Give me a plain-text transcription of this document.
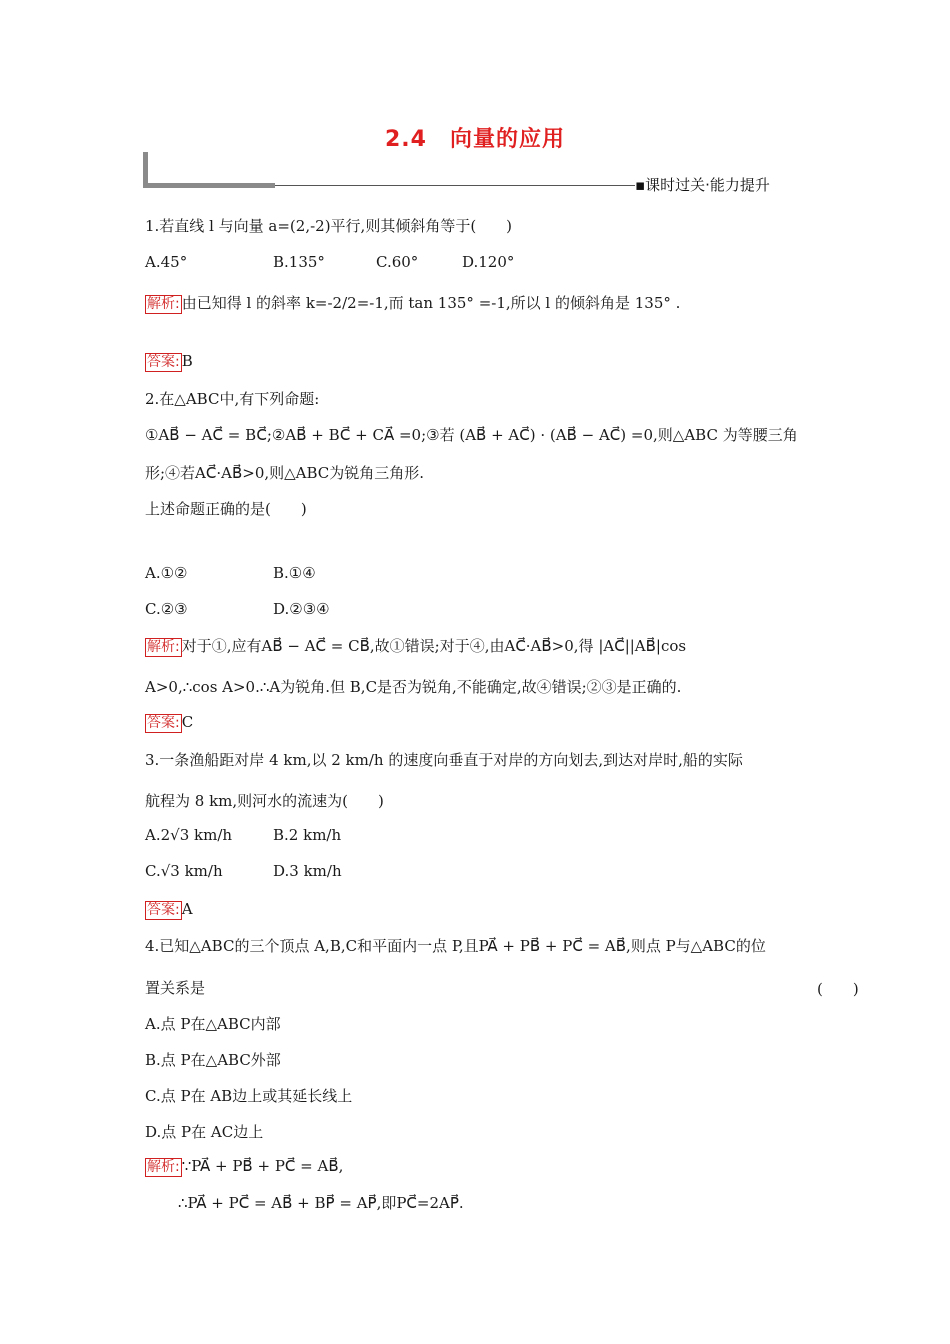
2.4　向量的应用
▪课时过关·能力提升
1.若直线 l 与向量 a=(2,-2)平行,则其倾斜角等于(　　)
A.45°	B.135°	C.60°	D.120°
解析: 由已知得 l 的斜率 k=-2/2=-1,而 tan 135° =-1,所以 l 的倾斜角是 135° .
答案: B
2.在△ABC中,有下列命题:
①AB⃗ − AC⃗ = BC⃗;②AB⃗ + BC⃗ + CA⃗ =0;③若 (AB⃗ + AC⃗) · (AB⃗ − AC⃗) =0,则△ABC 为等腰三角
形;④若AC⃗·AB⃗>0,则△ABC为锐角三角形.
上述命题正确的是(　　)
A.①②	B.①④
C.②③	D.②③④
解析: 对于①,应有AB⃗ − AC⃗ = CB⃗,故①错误;对于④,由AC⃗·AB⃗>0,得 |AC⃗||AB⃗|cos
A>0,∴cos A>0.∴A为锐角.但 B,C是否为锐角,不能确定,故④错误;②③是正确的.
答案: C
3.一条渔船距对岸 4 km,以 2 km/h 的速度向垂直于对岸的方向划去,到达对岸时,船的实际
航程为 8 km,则河水的流速为(　　)
A.2√3 km/h	B.2 km/h
C.√3 km/h	D.3 km/h
答案: A
4.已知△ABC的三个顶点 A,B,C和平面内一点 P,且PA⃗ + PB⃗ + PC⃗ = AB⃗,则点 P与△ABC的位
置关系是	(　　)
A.点 P在△ABC内部
B.点 P在△ABC外部
C.点 P在 AB边上或其延长线上
D.点 P在 AC边上
解析: ∵PA⃗ + PB⃗ + PC⃗ = AB⃗,
∴PA⃗ + PC⃗ = AB⃗ + BP⃗ = AP⃗,即PC⃗=2AP⃗.
